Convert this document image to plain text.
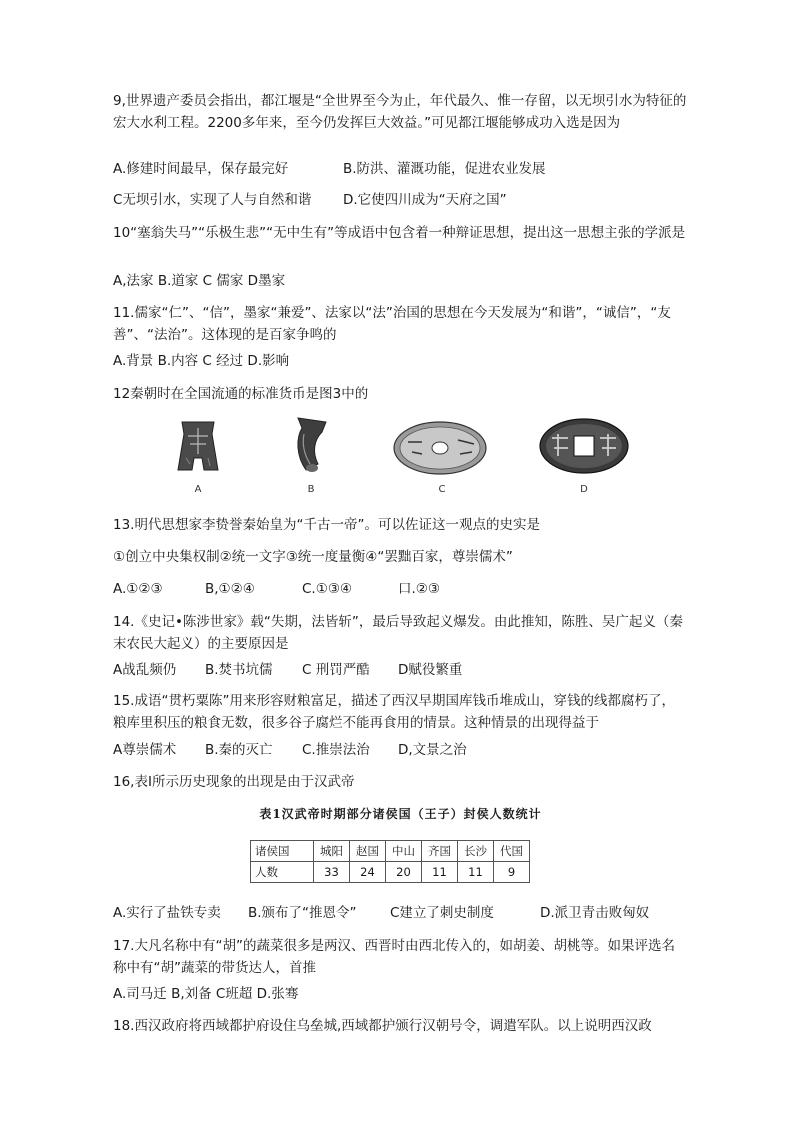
9,世界遗产委员会指出，都江堰是“全世界至今为止，年代最久、惟一存留，以无坝引水为特征的宏大水利工程。2200多年来，至今仍发挥巨大效益。”可见都江堰能够成功入选是因为
A.修建时间最早，保存最完好	B.防洪、灌溉功能，促进农业发展
C无坝引水，实现了人与自然和谐 D.它使四川成为“天府之国”
10“塞翁失马”“乐极生悲”“无中生有”等成语中包含着一种辩证思想，提出这一思想主张的学派是
A,法家 B.道家 C 儒家 D墨家
11.儒家“仁”、“信”，墨家“兼爱”、法家以“法”治国的思想在今天发展为“和谐”，“诚信”，“友善”、“法治”。这体现的是百家争鸣的
A.背景 B.内容 C 经过 D.影响
12秦朝时在全国流通的标准货币是图3中的
A	B	C	D
13.明代思想家李贽誉秦始皇为“千古一帝”。可以佐证这一观点的史实是
①创立中央集权制②统一文字③统一度量衡④“罢黜百家，尊崇儒术”
A.①②③	B,①②④	C.①③④	口.②③
14.《史记•陈涉世家》载“失期，法皆斩”，最后导致起义爆发。由此推知，陈胜、吴广起义（秦末农民大起义）的主要原因是
A战乱频仍 B.焚书坑儒 C 刑罚严酷 D赋役繁重
15.成语“贯朽粟陈”用来形容财粮富足，描述了西汉早期国库钱币堆成山，穿钱的线都腐朽了，粮库里积压的粮食无数，很多谷子腐烂不能再食用的情景。这种情景的出现得益于
A尊崇儒术 B.秦的灭亡 C.推崇法治 D,文景之治
16,表Ⅰ所示历史现象的出现是由于汉武帝
表1汉武帝时期部分诸侯国（王子）封侯人数统计
诸侯国	城阳	赵国	中山	齐国	长沙	代国
人数	33	24	20	11	11	9
A.实行了盐铁专卖 B.颁布了“推恩令” C建立了刺史制度	D.派卫青击败匈奴
17.大凡名称中有“胡”的蔬菜很多是两汉、西晋时由西北传入的，如胡姜、胡桃等。如果评选名称中有“胡”蔬菜的带货达人，首推
A.司马迁 B,刘备 C班超 D.张骞
18.西汉政府将西域都护府设住乌垒城,西域都护颁行汉朝号令，调遣军队。以上说明西汉政
